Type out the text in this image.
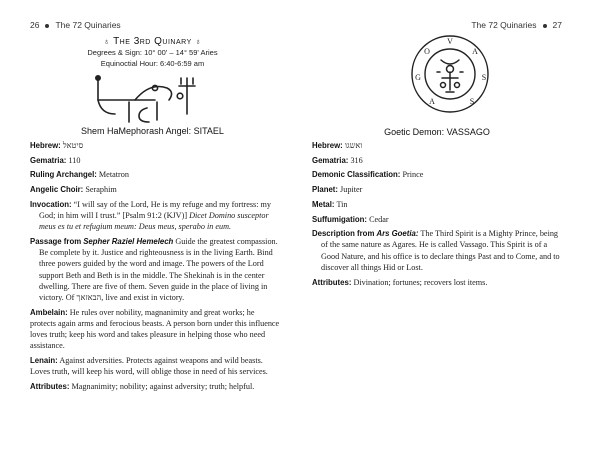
26 The 72 Quinaries
♁ The 3rd Quinary ♁
Degrees & Sign: 10° 00' – 14° 59' Aries
Equinoctial Hour: 6:40-6:59 am
Shem HaMephorash Angel: SITAEL
Hebrew: סיטאל
Gematria: 110
Ruling Archangel: Metatron
Angelic Choir: Seraphim
Invocation: “I will say of the Lord, He is my refuge and my fortress: my God; in him will I trust.” [Psalm 91:2 (KJV)] Dicet Domino susceptor meus es tu et refugium meum: Deus meus, sperabo in eum.
Passage from Sepher Raziel Hemelech Guide the greatest compassion. Be complete by it. Justice and righteousness is in the living Earth. Bind three powers guided by the word and image. The powers of the Lord support Beth and Beth is in the middle. The Shekinah is in the center dwelling. There are five of them. Seven guide in the place of living in victory. Of הבאזאך, live and exist in victory.
Ambelain: He rules over nobility, magnanimity and great works; he protects again arms and ferocious beasts. A person born under this influence loves truth; keep his word and takes pleasure in helping those who need assistance.
Lenain: Against adversities. Protects against weapons and wild beasts. Loves truth, will keep his word, will oblige those in need of his services.
Attributes: Magnanimity; nobility; against adversity; truth; helpful.
The 72 Quinaries 27
V
A
S
S
A
G
O
Goetic Demon: VASSAGO
Hebrew: ואשגו
Gematria: 316
Demonic Classification: Prince
Planet: Jupiter
Metal: Tin
Suffumigation: Cedar
Description from Ars Goetia: The Third Spirit is a Mighty Prince, being of the same nature as Agares. He is called Vassago. This Spirit is of a Good Nature, and his office is to declare things Past and to Come, and to discover all things Hid or Lost.
Attributes: Divination; fortunes; recovers lost items.
